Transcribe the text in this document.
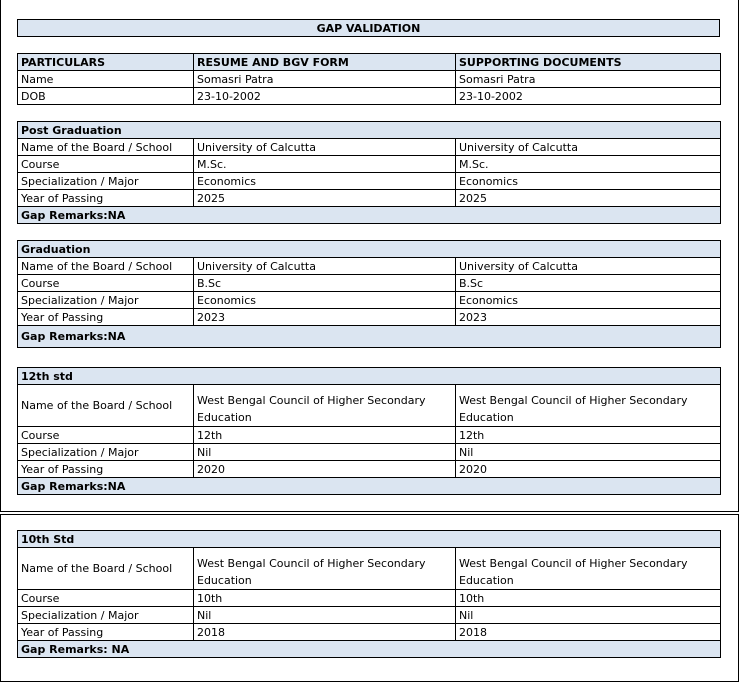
GAP VALIDATION
PARTICULARS	RESUME AND BGV FORM	SUPPORTING DOCUMENTS
Name	Somasri Patra	Somasri Patra
DOB	23-10-2002	23-10-2002
Post Graduation		
Name of the Board / School	University of Calcutta	University of Calcutta
Course	M.Sc.	M.Sc.
Specialization / Major	Economics	Economics
Year of Passing	2025	2025
Gap Remarks:NA		
Graduation		
Name of the Board / School	University of Calcutta	University of Calcutta
Course	B.Sc	B.Sc
Specialization / Major	Economics	Economics
Year of Passing	2023	2023
Gap Remarks:NA		
12th std		
Name of the Board / School	West Bengal Council of Higher Secondary Education	West Bengal Council of Higher Secondary Education
Course	12th	12th
Specialization / Major	Nil	Nil
Year of Passing	2020	2020
Gap Remarks:NA		
10th Std		
Name of the Board / School	West Bengal Council of Higher Secondary Education	West Bengal Council of Higher Secondary Education
Course	10th	10th
Specialization / Major	Nil	Nil
Year of Passing	2018	2018
Gap Remarks: NA		
